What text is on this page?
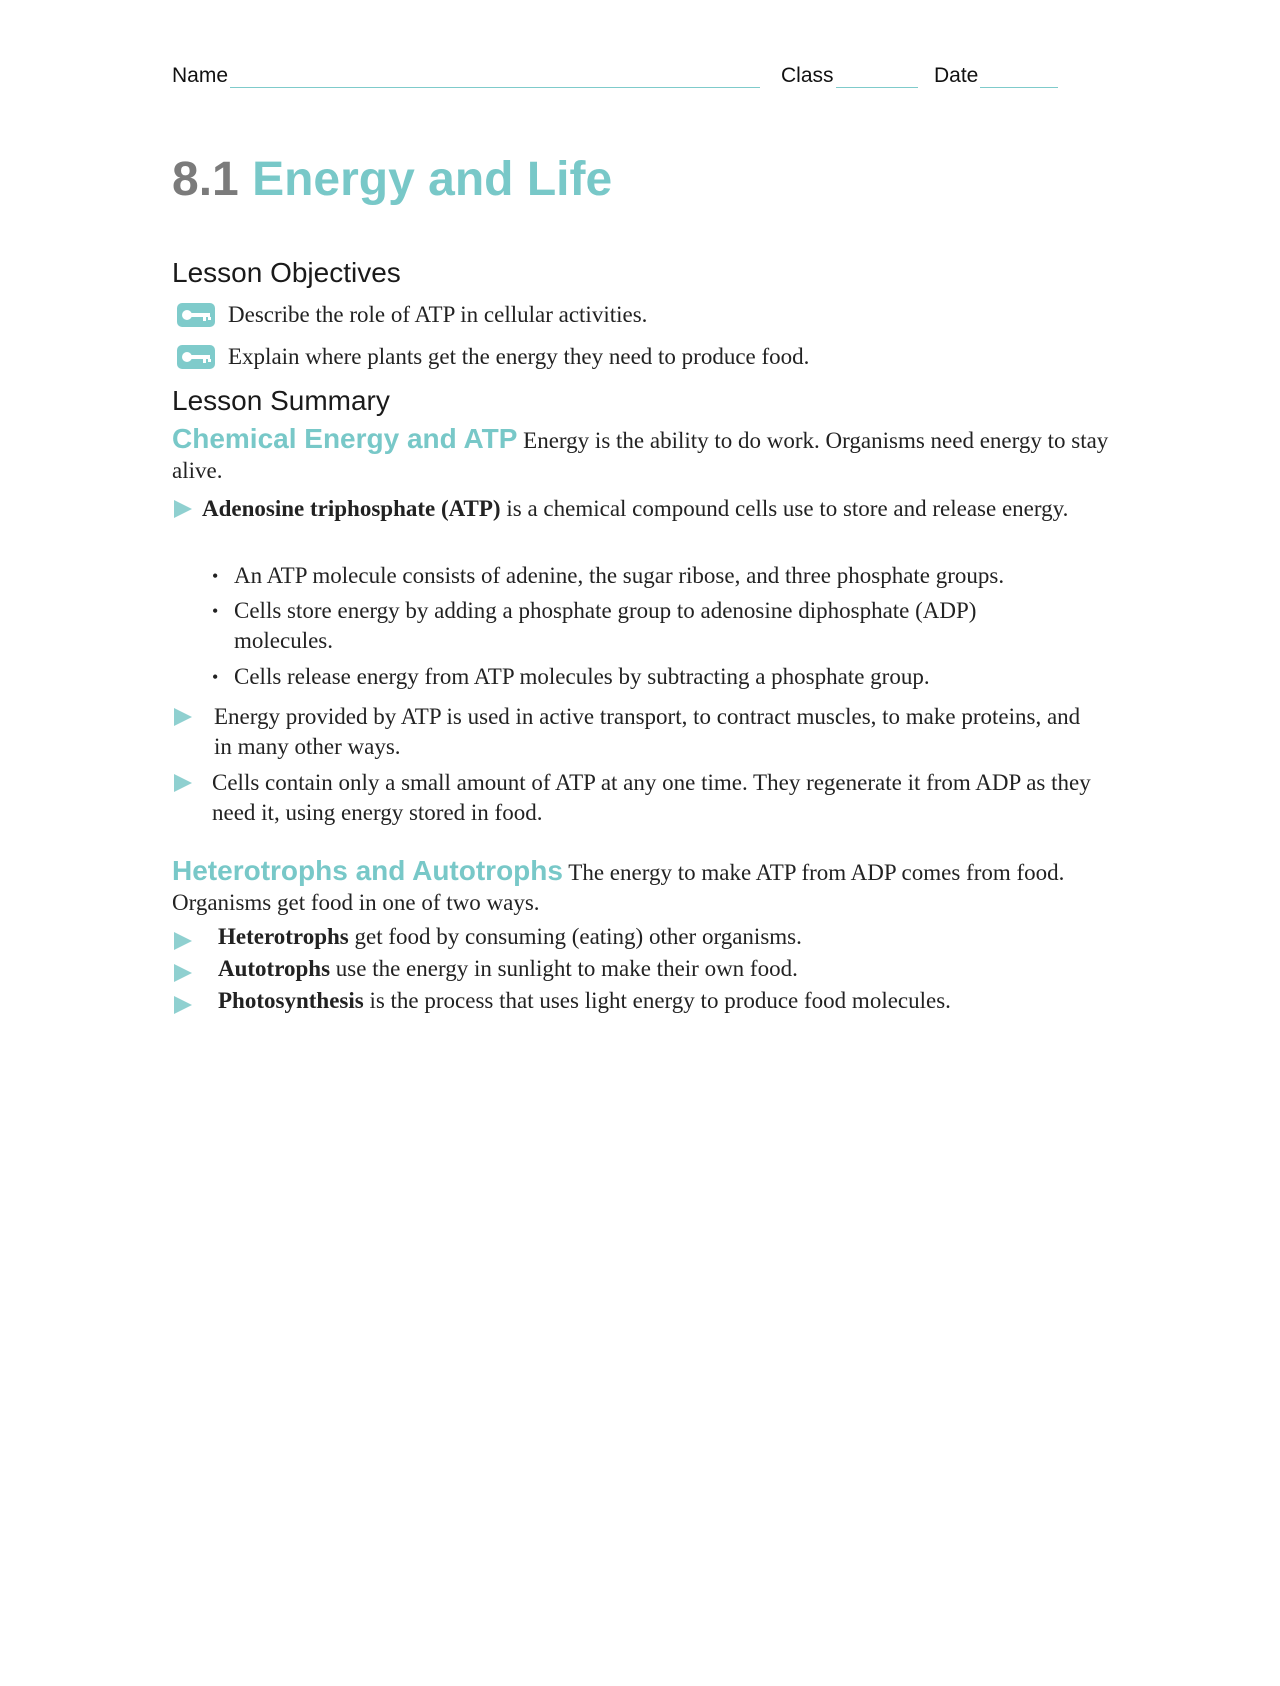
Name	Class	Date
8.1 Energy and Life
Lesson Objectives
Describe the role of ATP in cellular activities.
Explain where plants get the energy they need to produce food.
Lesson Summary
Chemical Energy and ATP Energy is the ability to do work. Organisms need energy to stay alive.
Adenosine triphosphate (ATP) is a chemical compound cells use to store and release energy.
• An ATP molecule consists of adenine, the sugar ribose, and three phosphate groups.
• Cells store energy by adding a phosphate group to adenosine diphosphate (ADP) molecules.
• Cells release energy from ATP molecules by subtracting a phosphate group.
Energy provided by ATP is used in active transport, to contract muscles, to make proteins, and in many other ways.
Cells contain only a small amount of ATP at any one time. They regenerate it from ADP as they need it, using energy stored in food.
Heterotrophs and Autotrophs The energy to make ATP from ADP comes from food. Organisms get food in one of two ways.
Heterotrophs get food by consuming (eating) other organisms.
Autotrophs use the energy in sunlight to make their own food.
Photosynthesis is the process that uses light energy to produce food molecules.
